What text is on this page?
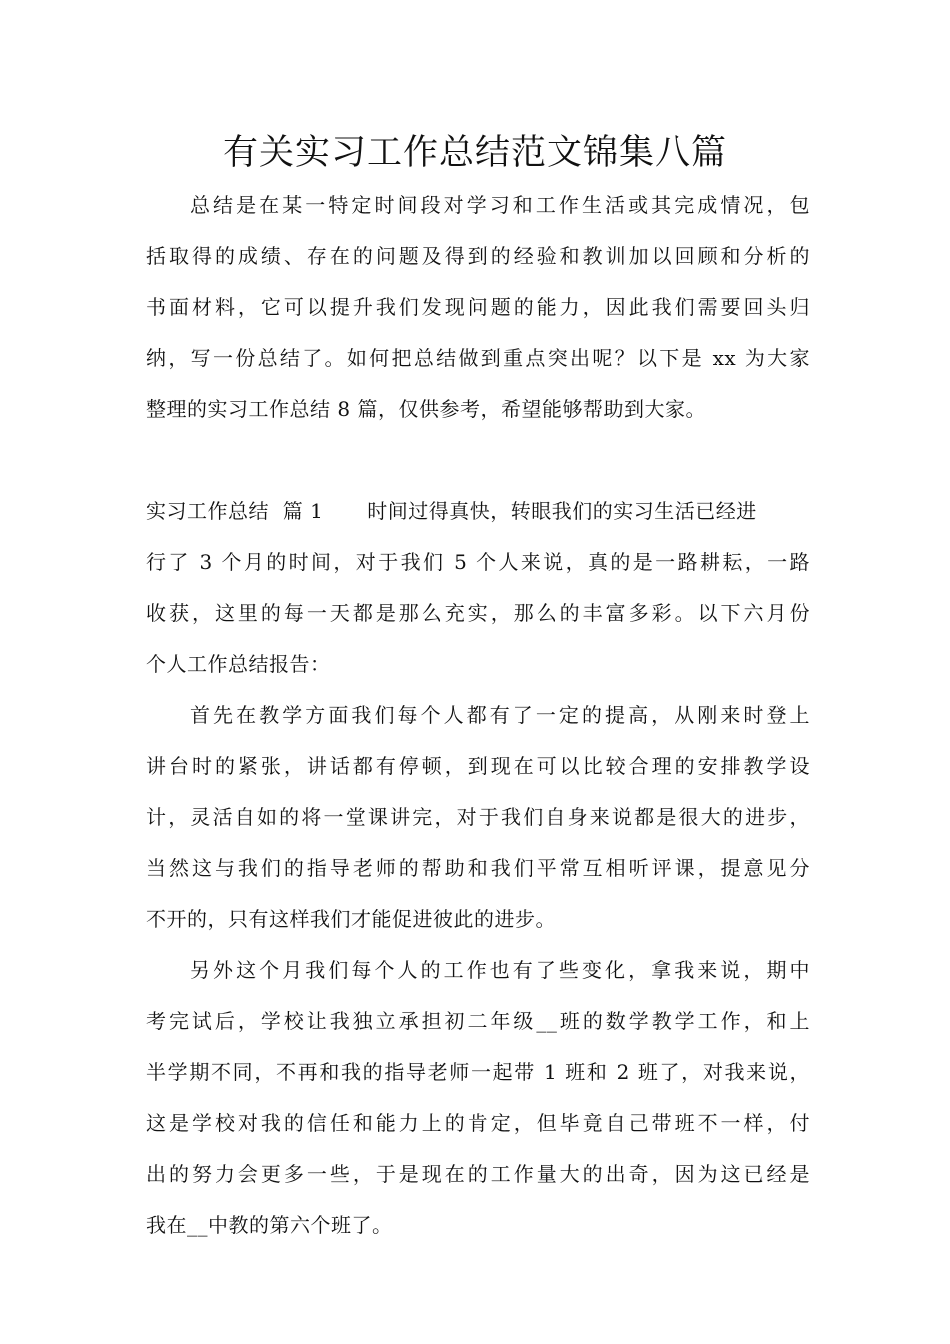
有关实习工作总结范文锦集八篇
总结是在某一特定时间段对学习和工作生活或其完成情况，包
括取得的成绩、存在的问题及得到的经验和教训加以回顾和分析的
书面材料，它可以提升我们发现问题的能力，因此我们需要回头归
纳，写一份总结了。如何把总结做到重点突出呢？以下是 xx 为大家
整理的实习工作总结 8 篇，仅供参考，希望能够帮助到大家。
实习工作总结  篇 1 时间过得真快，转眼我们的实习生活已经进
行了 3 个月的时间，对于我们 5 个人来说，真的是一路耕耘，一路
收获，这里的每一天都是那么充实，那么的丰富多彩。以下六月份
个人工作总结报告：
首先在教学方面我们每个人都有了一定的提高，从刚来时登上
讲台时的紧张，讲话都有停顿，到现在可以比较合理的安排教学设
计，灵活自如的将一堂课讲完，对于我们自身来说都是很大的进步，
当然这与我们的指导老师的帮助和我们平常互相听评课，提意见分
不开的，只有这样我们才能促进彼此的进步。
另外这个月我们每个人的工作也有了些变化，拿我来说，期中
考完试后，学校让我独立承担初二年级__班的数学教学工作，和上
半学期不同，不再和我的指导老师一起带 1 班和 2 班了，对我来说，
这是学校对我的信任和能力上的肯定，但毕竟自己带班不一样，付
出的努力会更多一些，于是现在的工作量大的出奇，因为这已经是
我在__中教的第六个班了。
